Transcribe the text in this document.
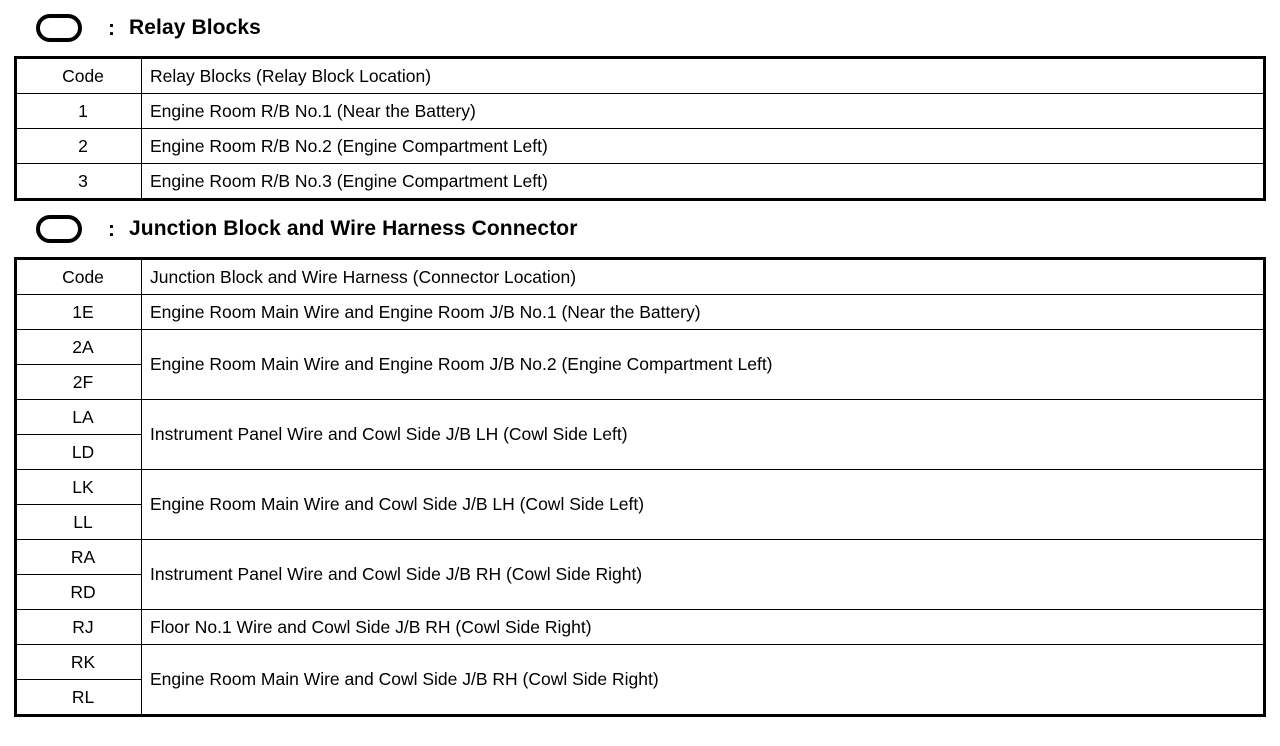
: Relay Blocks
Code	Relay Blocks (Relay Block Location)
1	Engine Room R/B No.1 (Near the Battery)
2	Engine Room R/B No.2 (Engine Compartment Left)
3	Engine Room R/B No.3 (Engine Compartment Left)
: Junction Block and Wire Harness Connector
Code	Junction Block and Wire Harness (Connector Location)
1E	Engine Room Main Wire and Engine Room J/B No.1 (Near the Battery)
2A	Engine Room Main Wire and Engine Room J/B No.2 (Engine Compartment Left)
2F	
LA	Instrument Panel Wire and Cowl Side J/B LH (Cowl Side Left)
LD	
LK	Engine Room Main Wire and Cowl Side J/B LH (Cowl Side Left)
LL	
RA	Instrument Panel Wire and Cowl Side J/B RH (Cowl Side Right)
RD	
RJ	Floor No.1 Wire and Cowl Side J/B RH (Cowl Side Right)
RK	Engine Room Main Wire and Cowl Side J/B RH (Cowl Side Right)
RL	
